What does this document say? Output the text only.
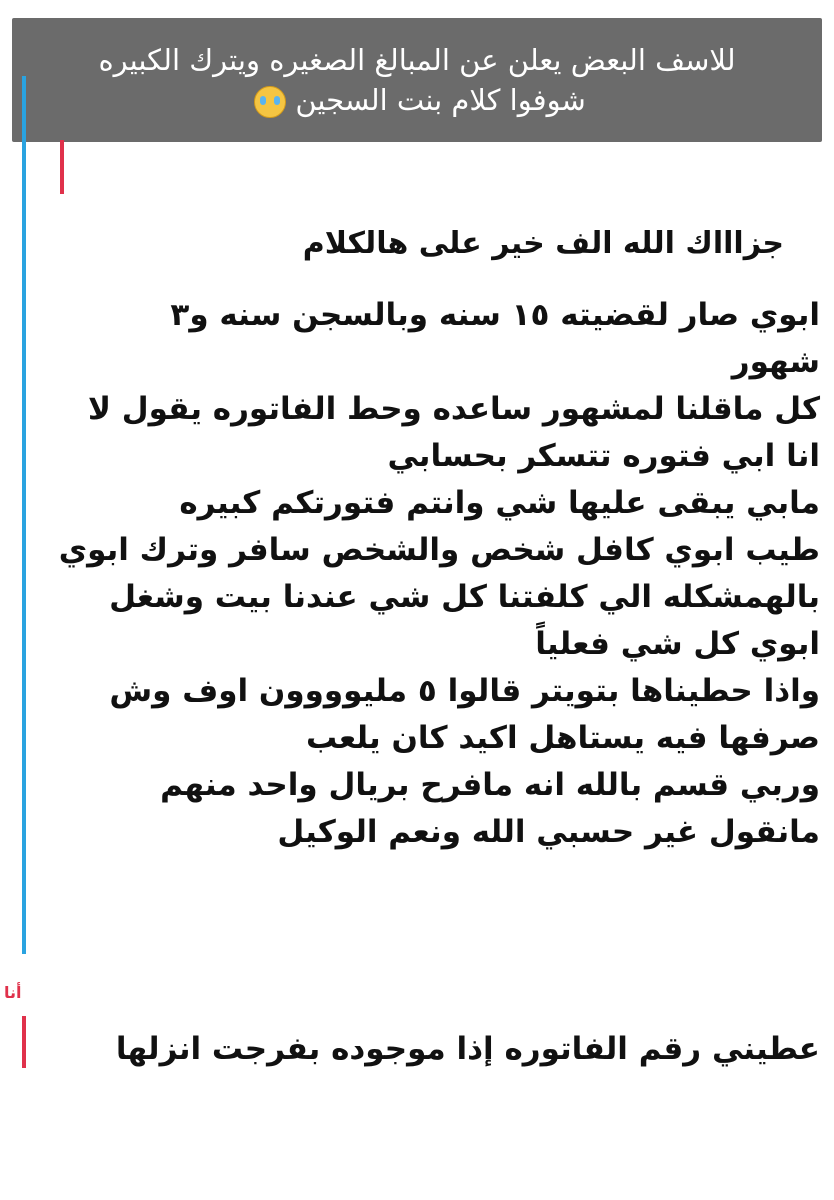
للاسف البعض يعلن عن المبالغ الصغيره ويترك الكبيره
شوفوا كلام بنت السجين
جزاااك الله الف خير على هالكلام

ابوي صار لقضيته ١٥ سنه وبالسجن سنه و٣

شهور

كل ماقلنا لمشهور ساعده وحط الفاتوره يقول لا

انا ابي فتوره تتسكر بحسابي

مابي يبقى عليها شي وانتم فتورتكم كبيره

طيب ابوي كافل شخص والشخص سافر وترك ابوي

بالهمشكله الي كلفتنا كل شي عندنا بيت وشغل

ابوي كل شي فعلياً

واذا حطيناها بتويتر قالوا ٥ مليوووون اوف وش

صرفها فيه يستاهل اكيد كان يلعب

وربي قسم بالله انه مافرح بريال واحد منهم

مانقول غير حسبي الله ونعم الوكيل

أنا
عطيني رقم الفاتوره إذا موجوده بفرجت انزلها
